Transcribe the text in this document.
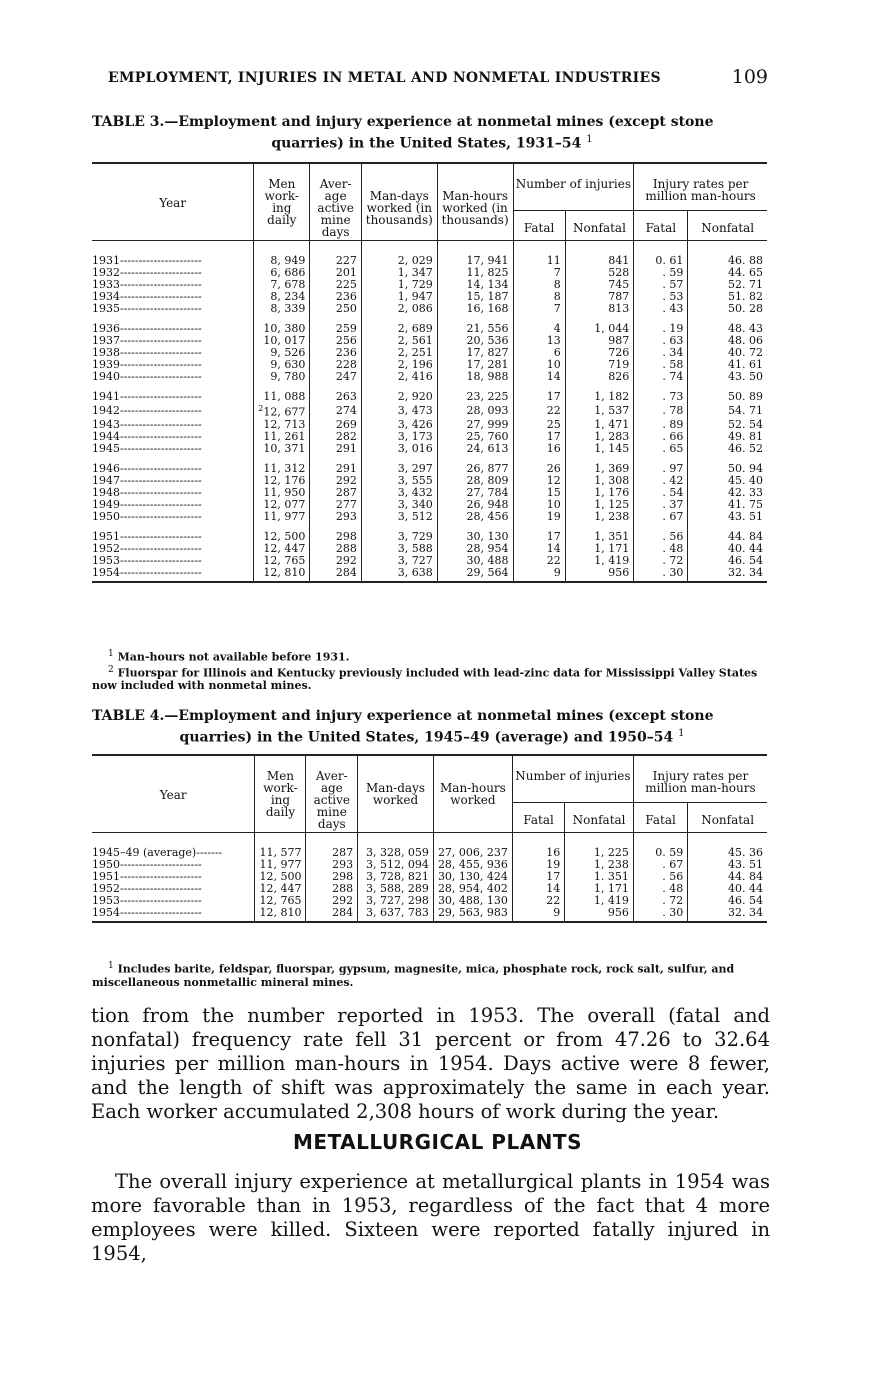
EMPLOYMENT, INJURIES IN METAL AND NONMETAL INDUSTRIES	109
TABLE 3.—Employment and injury experience at nonmetal mines (except stone
quarries) in the United States, 1931–54 $^1$
Year	Men work- ing daily	Aver- age active mine days	Man-days worked (in thousands)	Man-hours worked (in thousands)	Number of injuries		Injury rates per million man-hours	
					Fatal	Nonfatal	Fatal	Nonfatal

1931----------------------	8, 949	227	2, 029	17, 941	11	841	0. 61	46. 88
1932----------------------	6, 686	201	1, 347	11, 825	7	528	. 59	44. 65
1933----------------------	7, 678	225	1, 729	14, 134	8	745	. 57	52. 71
1934----------------------	8, 234	236	1, 947	15, 187	8	787	. 53	51. 82
1935----------------------	8, 339	250	2, 086	16, 168	7	813	. 43	50. 28

1936----------------------	10, 380	259	2, 689	21, 556	4	1, 044	. 19	48. 43
1937----------------------	10, 017	256	2, 561	20, 536	13	987	. 63	48. 06
1938----------------------	9, 526	236	2, 251	17, 827	6	726	. 34	40. 72
1939----------------------	9, 630	228	2, 196	17, 281	10	719	. 58	41. 61
1940----------------------	9, 780	247	2, 416	18, 988	14	826	. 74	43. 50

1941----------------------	11, 088	263	2, 920	23, 225	17	1, 182	. 73	50. 89
1942----------------------	$^2$12, 677	274	3, 473	28, 093	22	1, 537	. 78	54. 71
1943----------------------	12, 713	269	3, 426	27, 999	25	1, 471	. 89	52. 54
1944----------------------	11, 261	282	3, 173	25, 760	17	1, 283	. 66	49. 81
1945----------------------	10, 371	291	3, 016	24, 613	16	1, 145	. 65	46. 52

1946----------------------	11, 312	291	3, 297	26, 877	26	1, 369	. 97	50. 94
1947----------------------	12, 176	292	3, 555	28, 809	12	1, 308	. 42	45. 40
1948----------------------	11, 950	287	3, 432	27, 784	15	1, 176	. 54	42. 33
1949----------------------	12, 077	277	3, 340	26, 948	10	1, 125	. 37	41. 75
1950----------------------	11, 977	293	3, 512	28, 456	19	1, 238	. 67	43. 51

1951----------------------	12, 500	298	3, 729	30, 130	17	1, 351	. 56	44. 84
1952----------------------	12, 447	288	3, 588	28, 954	14	1, 171	. 48	40. 44
1953----------------------	12, 765	292	3, 727	30, 488	22	1, 419	. 72	46. 54
1954----------------------	12, 810	284	3, 638	29, 564	9	956	. 30	32. 34

$^1$ Man-hours not available before 1931.

$^2$ Fluorspar for Illinois and Kentucky previously included with lead-zinc data for Mississippi Valley States now included with nonmetal mines.

TABLE 4.—Employment and injury experience at nonmetal mines (except stone
quarries) in the United States, 1945–49 (average) and 1950–54 $^1$
Year	Men work- ing daily	Aver- age active mine days	Man-days worked	Man-hours worked	Number of injuries		Injury rates per million man-hours	
					Fatal	Nonfatal	Fatal	Nonfatal

1945–49 (average)-------	11, 577	287	3, 328, 059	27, 006, 237	16	1, 225	0. 59	45. 36
1950----------------------	11, 977	293	3, 512, 094	28, 455, 936	19	1, 238	. 67	43. 51
1951----------------------	12, 500	298	3, 728, 821	30, 130, 424	17	1. 351	. 56	44. 84
1952----------------------	12, 447	288	3, 588, 289	28, 954, 402	14	1, 171	. 48	40. 44
1953----------------------	12, 765	292	3, 727, 298	30, 488, 130	22	1, 419	. 72	46. 54
1954----------------------	12, 810	284	3, 637, 783	29, 563, 983	9	956	. 30	32. 34

$^1$ Includes barite, feldspar, fluorspar, gypsum, magnesite, mica, phosphate rock, rock salt, sulfur, and miscellaneous nonmetallic mineral mines.

tion from the number reported in 1953. The overall (fatal and nonfatal) frequency rate fell 31 percent or from 47.26 to 32.64 injuries per million man-hours in 1954. Days active were 8 fewer, and the length of shift was approximately the same in each year. Each worker accumulated 2,308 hours of work during the year.

METALLURGICAL PLANTS

The overall injury experience at metallurgical plants in 1954 was more favorable than in 1953, regardless of the fact that 4 more employees were killed. Sixteen were reported fatally injured in 1954,
